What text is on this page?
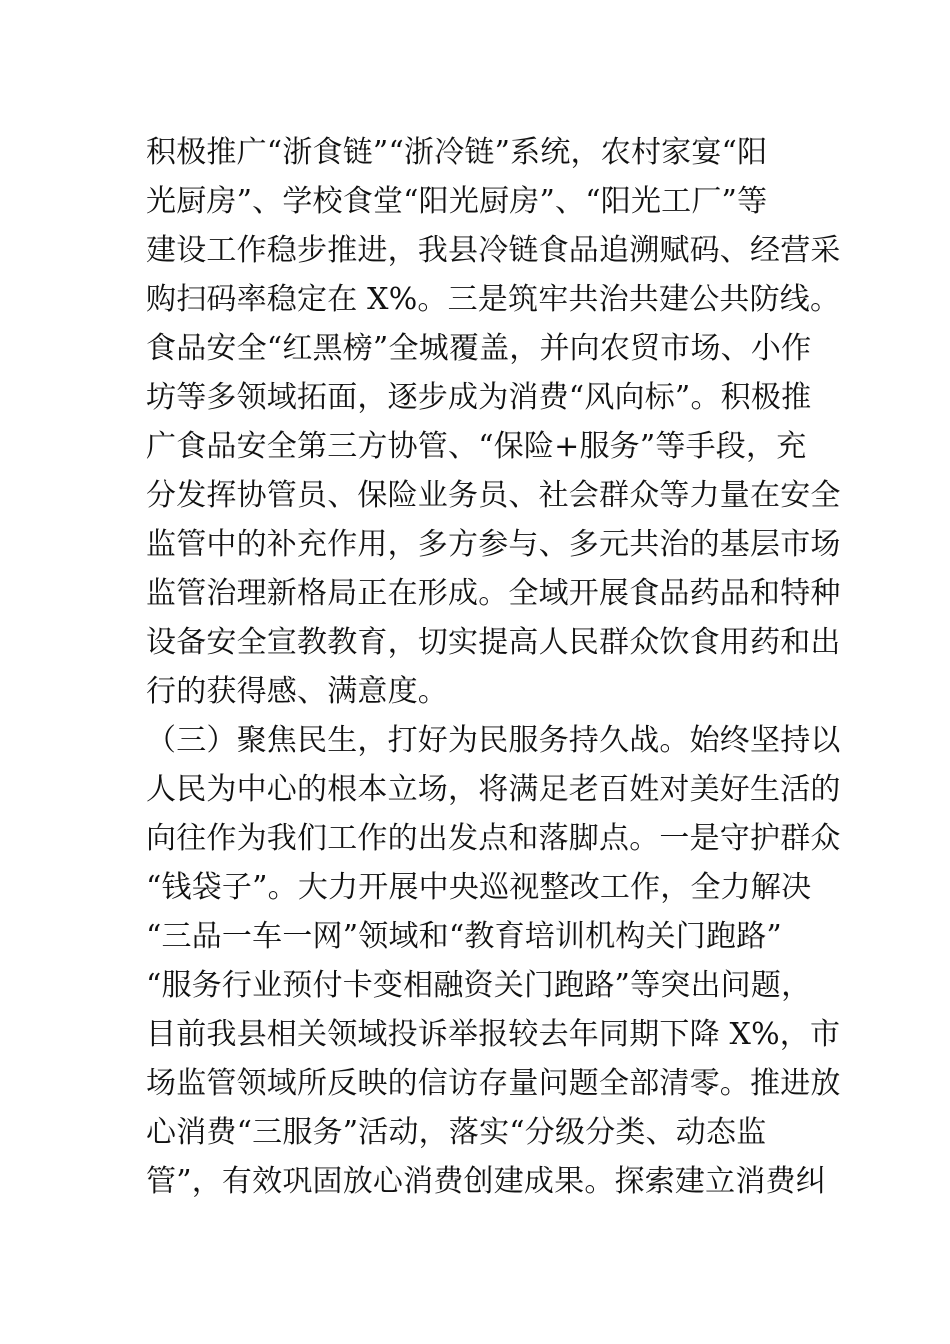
积极推广“浙食链”“浙冷链”系统，农村家宴“阳
光厨房”、学校食堂“阳光厨房”、“阳光工厂”等
建设工作稳步推进，我县冷链食品追溯赋码、经营采
购扫码率稳定在 X%。三是筑牢共治共建公共防线。
食品安全“红黑榜”全城覆盖，并向农贸市场、小作
坊等多领域拓面，逐步成为消费“风向标”。积极推
广食品安全第三方协管、“保险+服务”等手段，充
分发挥协管员、保险业务员、社会群众等力量在安全
监管中的补充作用，多方参与、多元共治的基层市场
监管治理新格局正在形成。全域开展食品药品和特种
设备安全宣教教育，切实提高人民群众饮食用药和出
行的获得感、满意度。
（三）聚焦民生，打好为民服务持久战。始终坚持以
人民为中心的根本立场，将满足老百姓对美好生活的
向往作为我们工作的出发点和落脚点。一是守护群众
“钱袋子”。大力开展中央巡视整改工作，全力解决
“三品一车一网”领域和“教育培训机构关门跑路”
“服务行业预付卡变相融资关门跑路”等突出问题，
目前我县相关领域投诉举报较去年同期下降 X%，市
场监管领域所反映的信访存量问题全部清零。推进放
心消费“三服务”活动，落实“分级分类、动态监
管”，有效巩固放心消费创建成果。探索建立消费纠
